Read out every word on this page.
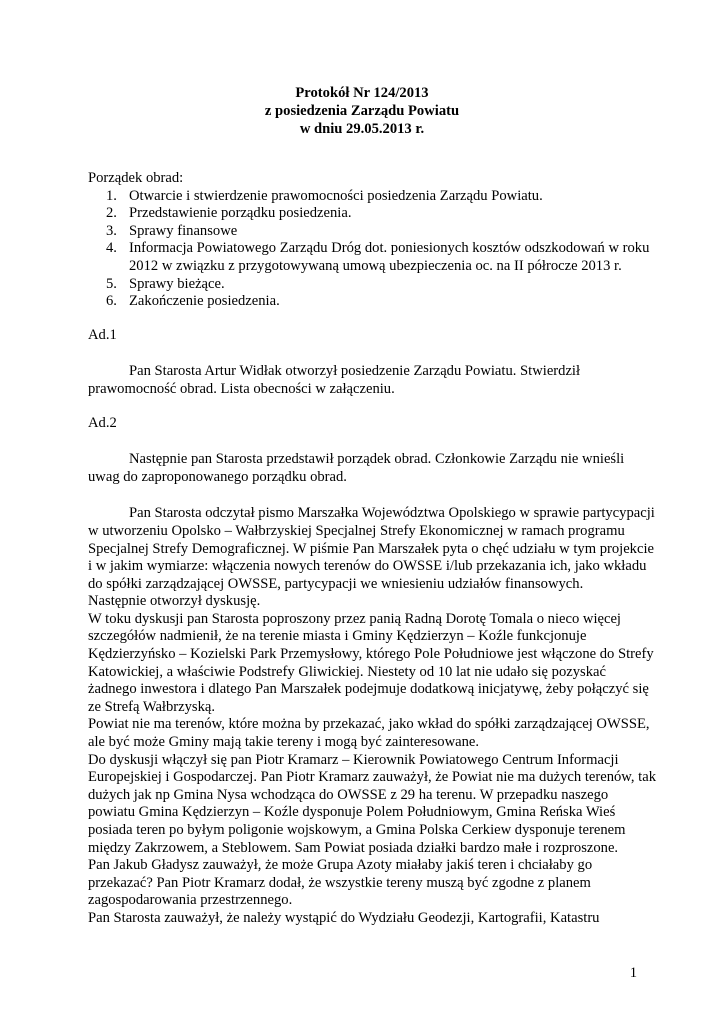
Protokół Nr 124/2013
z posiedzenia Zarządu Powiatu
w dniu 29.05.2013 r.
Porządek obrad:
1. Otwarcie i stwierdzenie prawomocności posiedzenia Zarządu Powiatu.
2. Przedstawienie porządku posiedzenia.
3. Sprawy finansowe
4. Informacja Powiatowego Zarządu Dróg dot. poniesionych kosztów odszkodowań w roku 2012 w związku z przygotowywaną umową ubezpieczenia oc. na II półrocze 2013 r.
5. Sprawy bieżące.
6. Zakończenie posiedzenia.
Ad.1

Pan Starosta Artur Widłak otworzył posiedzenie Zarządu Powiatu. Stwierdził prawomocność obrad. Lista obecności w załączeniu.

Ad.2

Następnie pan Starosta przedstawił porządek obrad. Członkowie Zarządu nie wnieśli uwag do zaproponowanego porządku obrad.

Pan Starosta odczytał pismo Marszałka Województwa Opolskiego w sprawie partycypacji w utworzeniu Opolsko – Wałbrzyskiej Specjalnej Strefy Ekonomicznej w ramach programu Specjalnej Strefy Demograficznej. W piśmie Pan Marszałek pyta o chęć udziału w tym projekcie i w jakim wymiarze: włączenia nowych terenów do OWSSE i/lub przekazania ich, jako wkładu do spółki zarządzającej OWSSE, partycypacji we wniesieniu udziałów finansowych.

Następnie otworzył dyskusję.

W toku dyskusji pan Starosta poproszony przez panią Radną Dorotę Tomala o nieco więcej szczegółów nadmienił, że na terenie miasta i Gminy Kędzierzyn – Koźle funkcjonuje Kędzierzyńsko – Kozielski Park Przemysłowy, którego Pole Południowe jest włączone do Strefy Katowickiej, a właściwie Podstrefy Gliwickiej. Niestety od 10 lat nie udało się pozyskać żadnego inwestora i dlatego Pan Marszałek podejmuje dodatkową inicjatywę, żeby połączyć się ze Strefą Wałbrzyską.

Powiat nie ma terenów, które można by przekazać, jako wkład do spółki zarządzającej OWSSE, ale być może Gminy mają takie tereny i mogą być zainteresowane.

Do dyskusji włączył się pan Piotr Kramarz – Kierownik Powiatowego Centrum Informacji Europejskiej i Gospodarczej. Pan Piotr Kramarz zauważył, że Powiat nie ma dużych terenów, tak dużych jak np Gmina Nysa wchodząca do OWSSE z 29 ha terenu. W przepadku naszego powiatu Gmina Kędzierzyn – Koźle dysponuje Polem Południowym, Gmina Reńska Wieś posiada teren po byłym poligonie wojskowym, a Gmina Polska Cerkiew dysponuje terenem między Zakrzowem, a Steblowem. Sam Powiat posiada działki bardzo małe i rozproszone.

Pan Jakub Gładysz zauważył, że może Grupa Azoty miałaby jakiś teren i chciałaby go przekazać? Pan Piotr Kramarz dodał, że wszystkie tereny muszą być zgodne z planem zagospodarowania przestrzennego.

Pan Starosta zauważył, że należy wystąpić do Wydziału Geodezji, Kartografii, Katastru

1
